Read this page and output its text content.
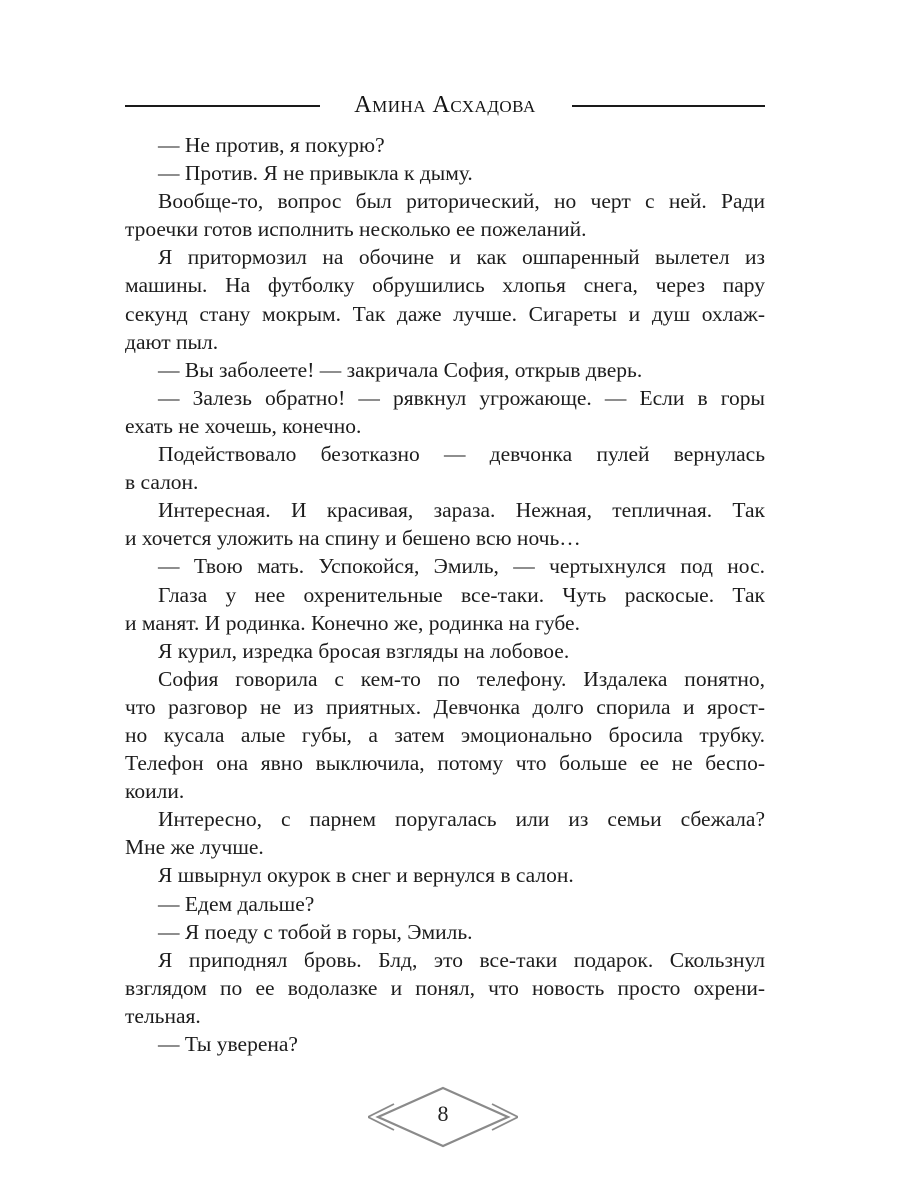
Амина Асхадова
— Не против, я покурю?
— Против. Я не привыкла к дыму.
Вообще-то, вопрос был риторический, но черт с ней. Ради
троечки готов исполнить несколько ее пожеланий.
Я притормозил на обочине и как ошпаренный вылетел из
машины. На футболку обрушились хлопья снега, через пару
секунд стану мокрым. Так даже лучше. Сигареты и душ охлаж-
дают пыл.
— Вы заболеете! — закричала София, открыв дверь.
— Залезь обратно! — рявкнул угрожающе. — Если в горы
ехать не хочешь, конечно.
Подействовало безотказно — девчонка пулей вернулась
в салон.
Интересная. И красивая, зараза. Нежная, тепличная. Так
и хочется уложить на спину и бешено всю ночь…
— Твою мать. Успокойся, Эмиль, — чертыхнулся под нос.
Глаза у нее охренительные все-таки. Чуть раскосые. Так
и манят. И родинка. Конечно же, родинка на губе.
Я курил, изредка бросая взгляды на лобовое.
София говорила с кем-то по телефону. Издалека понятно,
что разговор не из приятных. Девчонка долго спорила и ярост-
но кусала алые губы, а затем эмоционально бросила трубку.
Телефон она явно выключила, потому что больше ее не беспо-
коили.
Интересно, с парнем поругалась или из семьи сбежала?
Мне же лучше.
Я швырнул окурок в снег и вернулся в салон.
— Едем дальше?
— Я поеду с тобой в горы, Эмиль.
Я приподнял бровь. Блд, это все-таки подарок. Скользнул
взглядом по ее водолазке и понял, что новость просто охрени-
тельная.
— Ты уверена?
8
